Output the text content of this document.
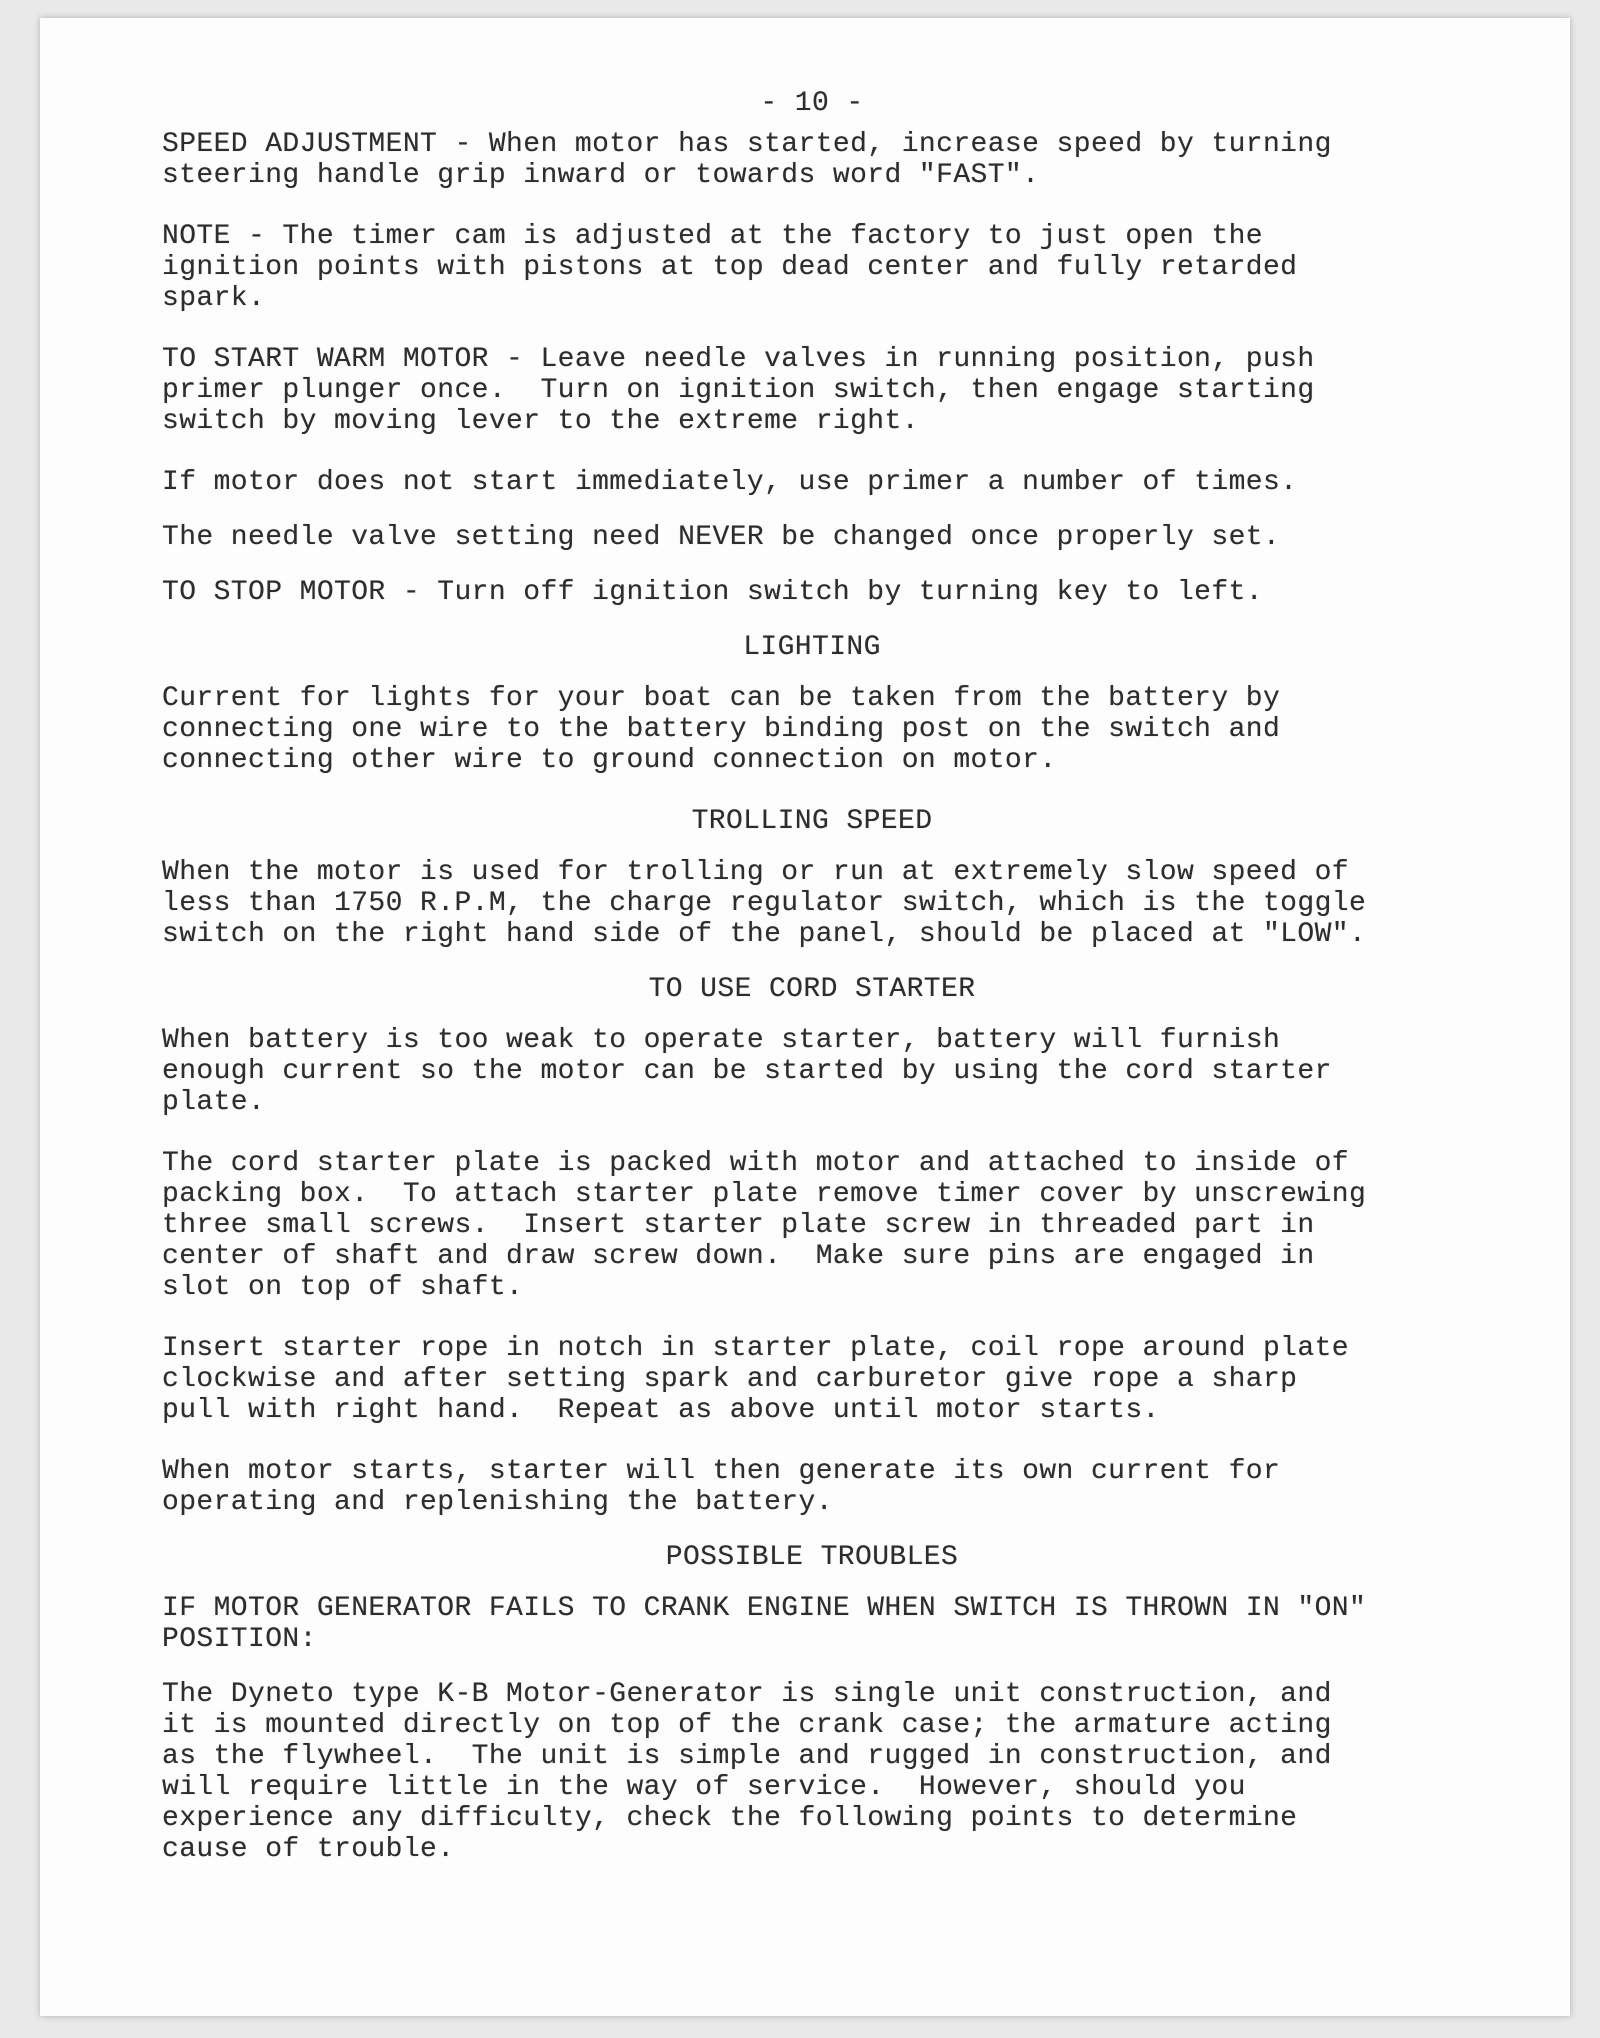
- 10 -
SPEED ADJUSTMENT - When motor has started, increase speed by turning
steering handle grip inward or towards word "FAST".
NOTE - The timer cam is adjusted at the factory to just open the
ignition points with pistons at top dead center and fully retarded
spark.
TO START WARM MOTOR - Leave needle valves in running position, push
primer plunger once.  Turn on ignition switch, then engage starting
switch by moving lever to the extreme right.
If motor does not start immediately, use primer a number of times.
The needle valve setting need NEVER be changed once properly set.
TO STOP MOTOR - Turn off ignition switch by turning key to left.
LIGHTING
Current for lights for your boat can be taken from the battery by
connecting one wire to the battery binding post on the switch and
connecting other wire to ground connection on motor.
TROLLING SPEED
When the motor is used for trolling or run at extremely slow speed of
less than 1750 R.P.M, the charge regulator switch, which is the toggle
switch on the right hand side of the panel, should be placed at "LOW".
TO USE CORD STARTER
When battery is too weak to operate starter, battery will furnish
enough current so the motor can be started by using the cord starter
plate.
The cord starter plate is packed with motor and attached to inside of
packing box.  To attach starter plate remove timer cover by unscrewing
three small screws.  Insert starter plate screw in threaded part in
center of shaft and draw screw down.  Make sure pins are engaged in
slot on top of shaft.
Insert starter rope in notch in starter plate, coil rope around plate
clockwise and after setting spark and carburetor give rope a sharp
pull with right hand.  Repeat as above until motor starts.
When motor starts, starter will then generate its own current for
operating and replenishing the battery.
POSSIBLE TROUBLES
IF MOTOR GENERATOR FAILS TO CRANK ENGINE WHEN SWITCH IS THROWN IN "ON"
POSITION:
The Dyneto type K-B Motor-Generator is single unit construction, and
it is mounted directly on top of the crank case; the armature acting
as the flywheel.  The unit is simple and rugged in construction, and
will require little in the way of service.  However, should you
experience any difficulty, check the following points to determine
cause of trouble.
